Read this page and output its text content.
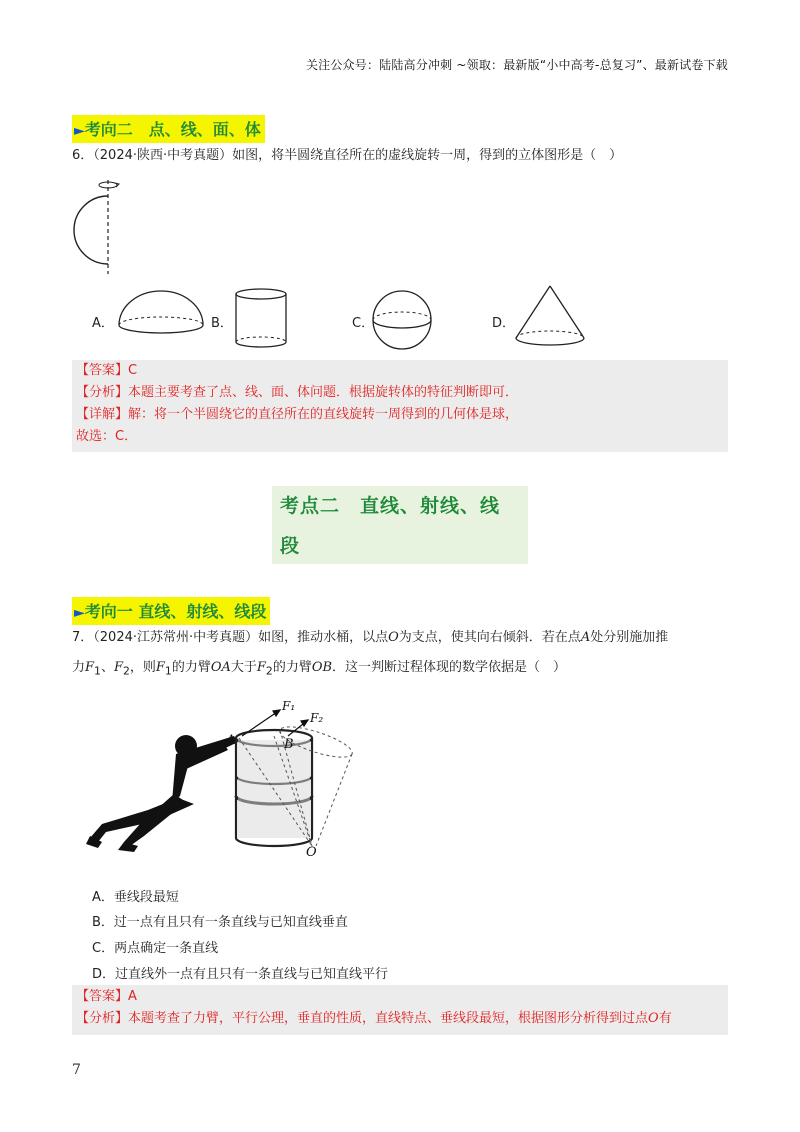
关注公众号：陆陆高分冲刺 ~领取：最新版“小中高考-总复习”、最新试卷下载
►考向二　点、线、面、体
6．（2024·陕西·中考真题）如图，将半圆绕直径所在的虚线旋转一周，得到的立体图形是（　）
A．	B．	C．	D．
【答案】C
【分析】本题主要考查了点、线、面、体问题．根据旋转体的特征判断即可．
【详解】解：将一个半圆绕它的直径所在的直线旋转一周得到的几何体是球，
故选：C．
考点二　直线、射线、线
段
►考向一 直线、射线、线段
7．（2024·江苏常州·中考真题）如图，推动水桶，以点O为支点，使其向右倾斜．若在点A处分别施加推
力$F_1$、$F_2$，则$F_1$的力臂OA大于$F_2$的力臂OB．这一判断过程体现的数学依据是（　）
F₁
F₂
A	B
O
A．垂线段最短
B．过一点有且只有一条直线与已知直线垂直
C．两点确定一条直线
D．过直线外一点有且只有一条直线与已知直线平行
【答案】A
【分析】本题考查了力臂，平行公理，垂直的性质，直线特点、垂线段最短，根据图形分析得到过点O有
7
